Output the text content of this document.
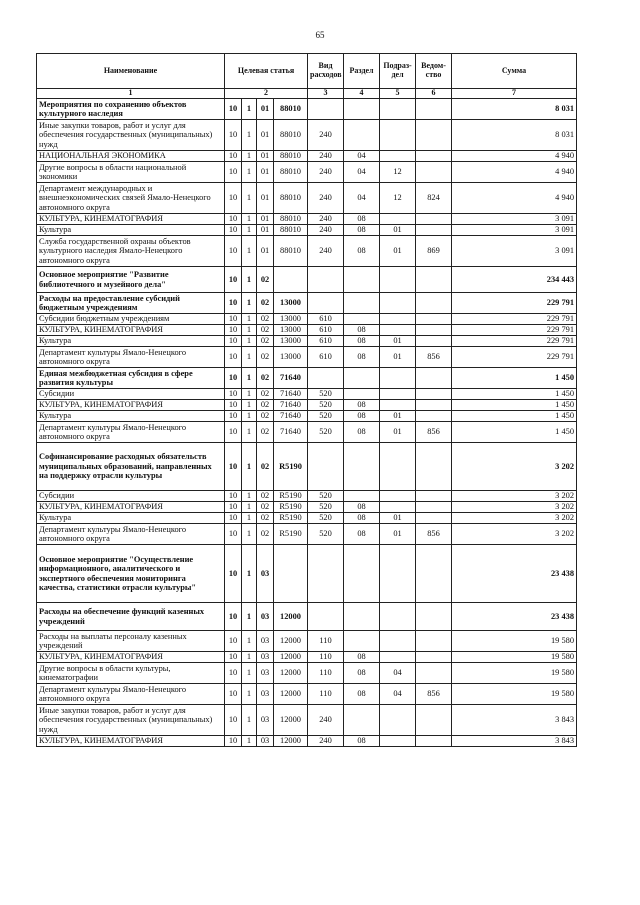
65
Наименование	Целевая статья				Вид расходов	Раздел	Подраз-дел	Ведом-ство	Сумма
1	2				3	4	5	6	7
Мероприятия по сохранению объектов культурного наследия	10	1	01	88010					8 031
Иные закупки товаров, работ и услуг для обеспечения государственных (муниципальных) нужд	10	1	01	88010	240				8 031
НАЦИОНАЛЬНАЯ ЭКОНОМИКА	10	1	01	88010	240	04			4 940
Другие вопросы в области национальной экономики	10	1	01	88010	240	04	12		4 940
Департамент международных и внешнеэкономических связей Ямало-Ненецкого автономного округа	10	1	01	88010	240	04	12	824	4 940
КУЛЬТУРА, КИНЕМАТОГРАФИЯ	10	1	01	88010	240	08			3 091
Культура	10	1	01	88010	240	08	01		3 091
Служба государственной охраны объектов культурного наследия Ямало-Ненецкого автономного округа	10	1	01	88010	240	08	01	869	3 091
Основное мероприятие "Развитие библиотечного и музейного дела"	10	1	02						234 443
Расходы на предоставление субсидий бюджетным учреждениям	10	1	02	13000					229 791
Субсидии бюджетным учреждениям	10	1	02	13000	610				229 791
КУЛЬТУРА, КИНЕМАТОГРАФИЯ	10	1	02	13000	610	08			229 791
Культура	10	1	02	13000	610	08	01		229 791
Департамент культуры Ямало-Ненецкого автономного округа	10	1	02	13000	610	08	01	856	229 791
Единая межбюджетная субсидия в сфере развития культуры	10	1	02	71640					1 450
Субсидии	10	1	02	71640	520				1 450
КУЛЬТУРА, КИНЕМАТОГРАФИЯ	10	1	02	71640	520	08			1 450
Культура	10	1	02	71640	520	08	01		1 450
Департамент культуры Ямало-Ненецкого автономного округа	10	1	02	71640	520	08	01	856	1 450
Софинансирование расходных обязательств муниципальных образований, направленных на поддержку отрасли культуры	10	1	02	R5190					3 202
Субсидии	10	1	02	R5190	520				3 202
КУЛЬТУРА, КИНЕМАТОГРАФИЯ	10	1	02	R5190	520	08			3 202
Культура	10	1	02	R5190	520	08	01		3 202
Департамент культуры Ямало-Ненецкого автономного округа	10	1	02	R5190	520	08	01	856	3 202
Основное мероприятие "Осуществление информационного, аналитического и экспертного обеспечения мониторинга качества, статистики отрасли культуры"	10	1	03						23 438
Расходы на обеспечение функций казенных учреждений	10	1	03	12000					23 438
Расходы на выплаты персоналу казенных учреждений	10	1	03	12000	110				19 580
КУЛЬТУРА, КИНЕМАТОГРАФИЯ	10	1	03	12000	110	08			19 580
Другие вопросы в области культуры, кинематографии	10	1	03	12000	110	08	04		19 580
Департамент культуры Ямало-Ненецкого автономного округа	10	1	03	12000	110	08	04	856	19 580
Иные закупки товаров, работ и услуг для обеспечения государственных (муниципальных) нужд	10	1	03	12000	240				3 843
КУЛЬТУРА, КИНЕМАТОГРАФИЯ	10	1	03	12000	240	08			3 843
